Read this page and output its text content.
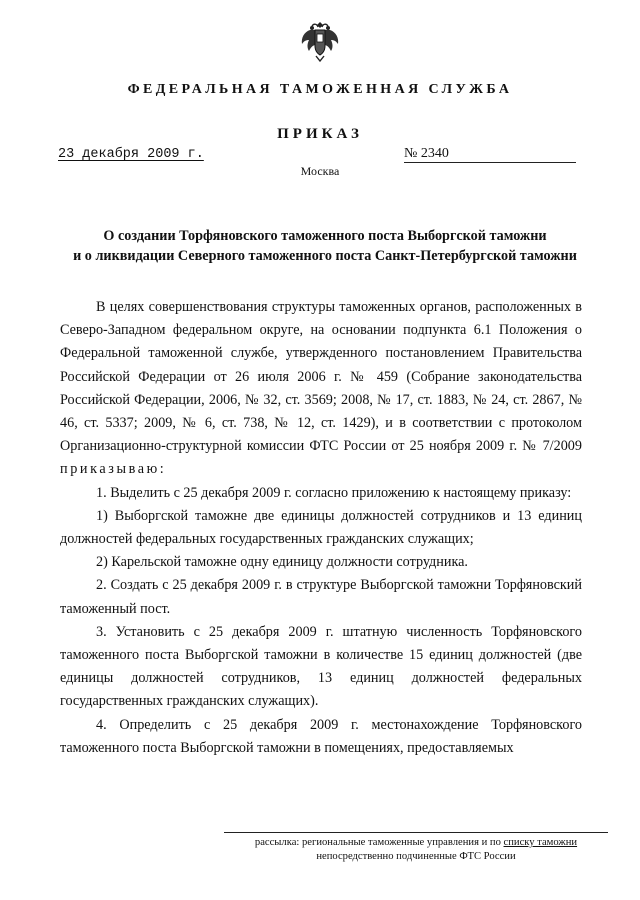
ФЕДЕРАЛЬНАЯ ТАМОЖЕННАЯ СЛУЖБА
ПРИКАЗ
23 декабря 2009 г.	№ 2340
Москва
О создании Торфяновского таможенного поста Выборгской таможни
и о ликвидации Северного таможенного поста Санкт-Петербургской таможни

В целях совершенствования структуры таможенных органов, расположенных в Северо-Западном федеральном округе, на основании подпункта 6.1 Положения о Федеральной таможенной службе, утвержденного постановлением Правительства Российской Федерации от 26 июля 2006 г. № 459 (Собрание законодательства Российской Федерации, 2006, № 32, ст. 3569; 2008, № 17, ст. 1883, № 24, ст. 2867, № 46, ст. 5337; 2009, № 6, ст. 738, № 12, ст. 1429), и в соответствии с протоколом Организационно-структурной комиссии ФТС России от 25 ноября 2009 г. № 7/2009 приказываю:

1. Выделить с 25 декабря 2009 г. согласно приложению к настоящему приказу:

1) Выборгской таможне две единицы должностей сотрудников и 13 единиц должностей федеральных государственных гражданских служащих;

2) Карельской таможне одну единицу должности сотрудника.

2. Создать с 25 декабря 2009 г. в структуре Выборгской таможни Торфяновский таможенный пост.

3. Установить с 25 декабря 2009 г. штатную численность Торфяновского таможенного поста Выборгской таможни в количестве 15 единиц должностей (две единицы должностей сотрудников, 13 единиц должностей федеральных государственных гражданских служащих).

4. Определить с 25 декабря 2009 г. местонахождение Торфяновского таможенного поста Выборгской таможни в помещениях, предоставляемых

рассылка: региональные таможенные управления и по списку таможни
непосредственно подчиненные ФТС России
